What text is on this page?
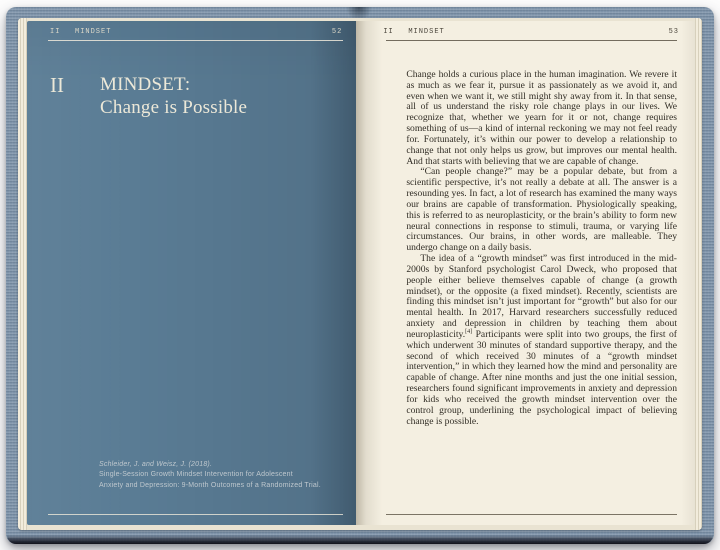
II MINDSET	52
II	MINDSET:
Change is Possible
Schleider, J. and Weisz, J. (2018).
Single-Session Growth Mindset Intervention for Adolescent
Anxiety and Depression: 9-Month Outcomes of a Randomized Trial.
II MINDSET	53

Change holds a curious place in the human imagination. We revere it as much as we fear it, pursue it as passionately as we avoid it, and even when we want it, we still might shy away from it. In that sense, all of us understand the risky role change plays in our lives. We recognize that, whether we yearn for it or not, change requires something of us—a kind of internal reckoning we may not feel ready for. Fortunately, it’s within our power to develop a relationship to change that not only helps us grow, but improves our mental health. And that starts with believing that we are capable of change.

“Can people change?” may be a popular debate, but from a scientific perspective, it’s not really a debate at all. The answer is a resounding yes. In fact, a lot of research has examined the many ways our brains are capable of transformation. Physiologically speaking, this is referred to as neuroplasticity, or the brain’s ability to form new neural connections in response to stimuli, trauma, or varying life circumstances. Our brains, in other words, are malleable. They undergo change on a daily basis.

The idea of a “growth mindset” was first introduced in the mid-2000s by Stanford psychologist Carol Dweck, who proposed that people either believe themselves capable of change (a growth mindset), or the opposite (a fixed mindset). Recently, scientists are finding this mindset isn’t just important for “growth” but also for our mental health. In 2017, Harvard researchers successfully reduced anxiety and depression in children by teaching them about neuroplasticity.[4] Participants were split into two groups, the first of which underwent 30 minutes of standard supportive therapy, and the second of which received 30 minutes of a “growth mindset intervention,” in which they learned how the mind and personality are capable of change. After nine months and just the one initial session, researchers found significant improvements in anxiety and depression for kids who received the growth mindset intervention over the control group, underlining the psychological impact of believing change is possible.
